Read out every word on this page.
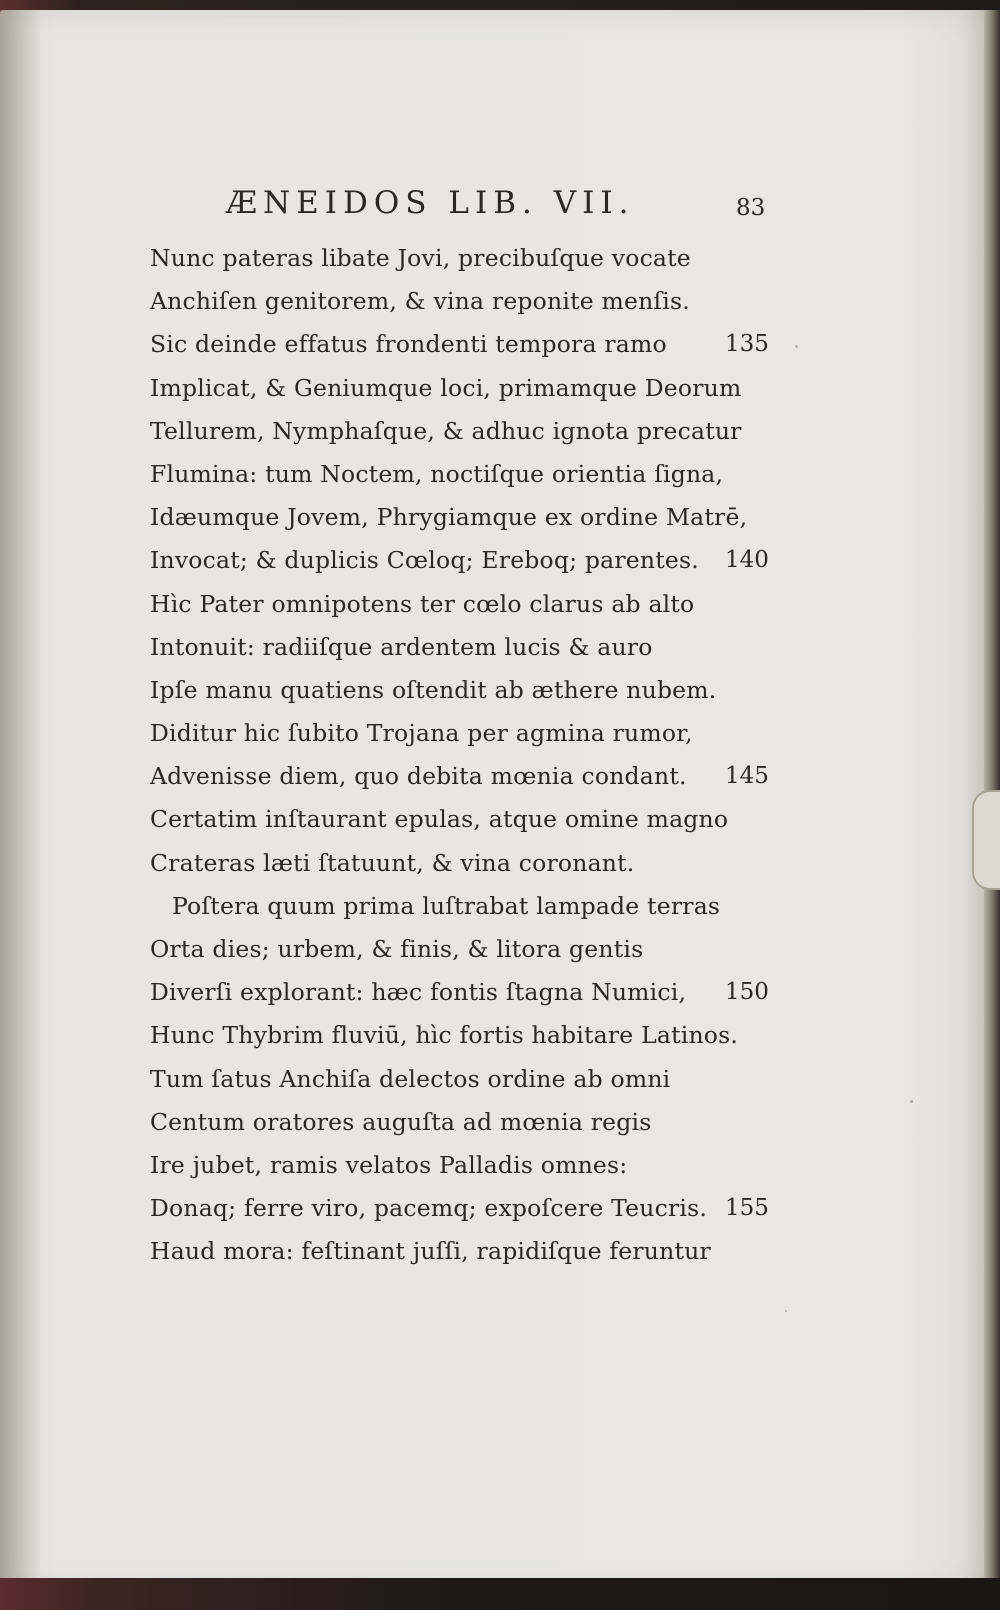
ÆNEIDOS LIB. VII.	83
Nunc pateras libate Jovi, precibuſque vocate
Anchiſen genitorem, & vina reponite menſis.
Sic deinde effatus frondenti tempora ramo	135
Implicat, & Geniumque loci, primamque Deorum
Tellurem, Nymphaſque, & adhuc ignota precatur
Flumina: tum Noctem, noctiſque orientia ſigna,
Idæumque Jovem, Phrygiamque ex ordine Matrē,
Invocat; & duplicis Cœloq; Ereboq; parentes. 140
Hìc Pater omnipotens ter cœlo clarus ab alto
Intonuit: radiiſque ardentem lucis & auro
Ipſe manu quatiens oſtendit ab æthere nubem.
Diditur hic ſubito Trojana per agmina rumor,
Advenisse diem, quo debita mœnia condant. 145
Certatim inſtaurant epulas, atque omine magno
Crateras læti ſtatuunt, & vina coronant.
Poſtera quum prima luſtrabat lampade terras
Orta dies; urbem, & finis, & litora gentis
Diverſi explorant: hæc fontis ſtagna Numici, 150
Hunc Thybrim fluviū, hìc fortis habitare Latinos.
Tum ſatus Anchiſa delectos ordine ab omni
Centum oratores auguſta ad mœnia regis
Ire jubet, ramis velatos Palladis omnes:
Donaq; ferre viro, pacemq; expoſcere Teucris. 155
Haud mora: feſtinant juſſi, rapidiſque feruntur
